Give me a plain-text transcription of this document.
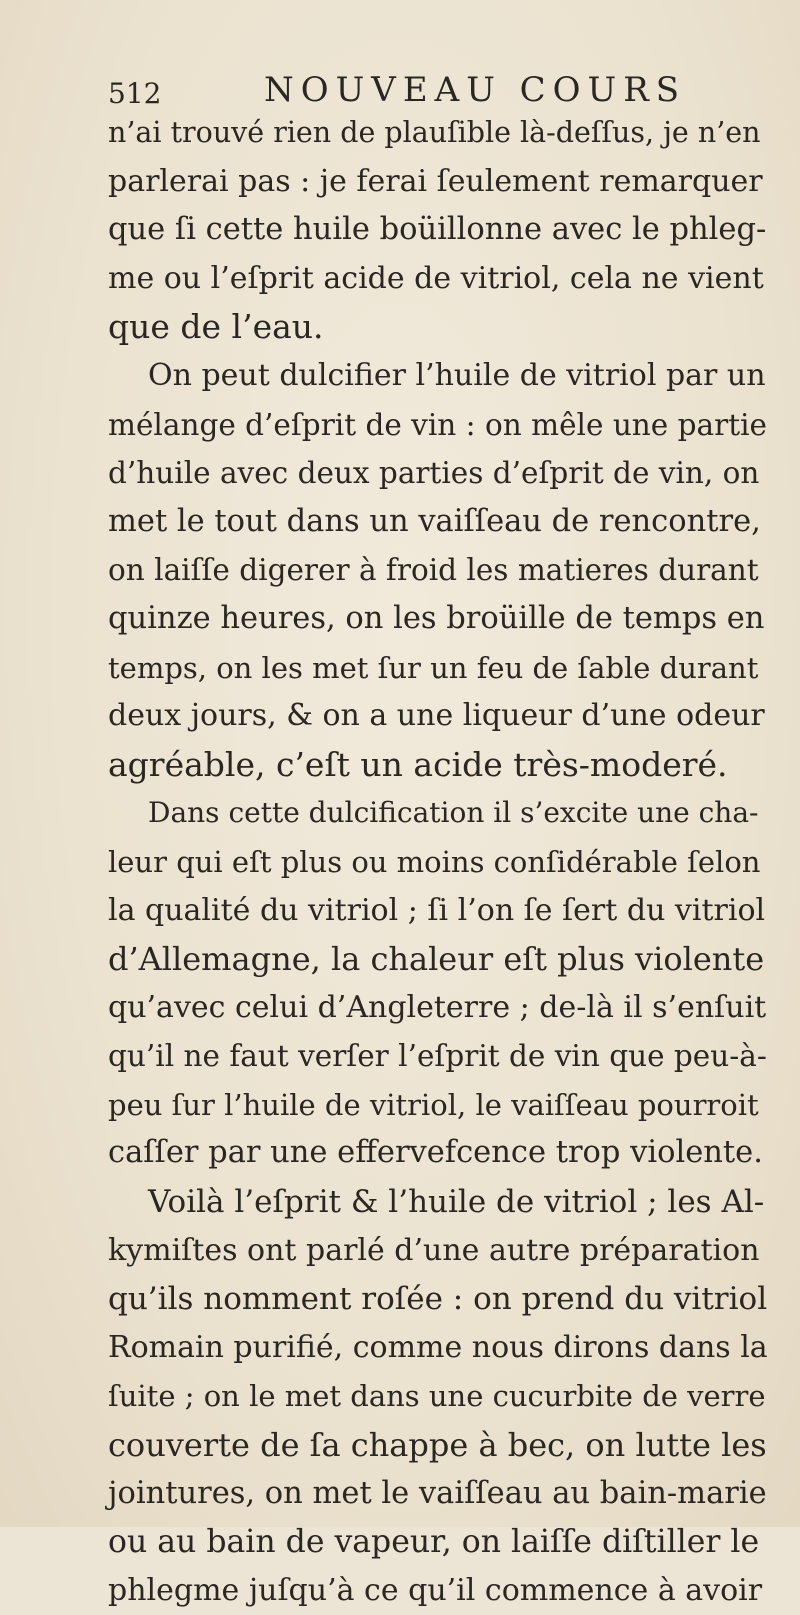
512	NOUVEAU COURS
n’ai trouvé rien de plauſible là-deſſus, je n’en
parlerai pas : je ferai ſeulement remarquer
que ſi cette huile boüillonne avec le phleg-
me ou l’eſprit acide de vitriol, cela ne vient
que de l’eau.
On peut dulcifier l’huile de vitriol par un
mélange d’eſprit de vin : on mêle une partie
d’huile avec deux parties d’eſprit de vin, on
met le tout dans un vaiſſeau de rencontre,
on laiſſe digerer à froid les matieres durant
quinze heures, on les broüille de temps en
temps, on les met ſur un feu de ſable durant
deux jours, & on a une liqueur d’une odeur
agréable, c’eſt un acide très-moderé.
Dans cette dulcification il s’excite une cha-
leur qui eſt plus ou moins conſidérable ſelon
la qualité du vitriol ; ſi l’on ſe ſert du vitriol
d’Allemagne, la chaleur eſt plus violente
qu’avec celui d’Angleterre ; de-là il s’enſuit
qu’il ne faut verſer l’eſprit de vin que peu-à-
peu ſur l’huile de vitriol, le vaiſſeau pourroit
caſſer par une effervefcence trop violente.
Voilà l’eſprit & l’huile de vitriol ; les Al-
kymiſtes ont parlé d’une autre préparation
qu’ils nomment roſée : on prend du vitriol
Romain purifié, comme nous dirons dans la
ſuite ; on le met dans une cucurbite de verre
couverte de ſa chappe à bec, on lutte les
jointures, on met le vaiſſeau au bain-marie
ou au bain de vapeur, on laiſſe diſtiller le
phlegme juſqu’à ce qu’il commence à avoir
